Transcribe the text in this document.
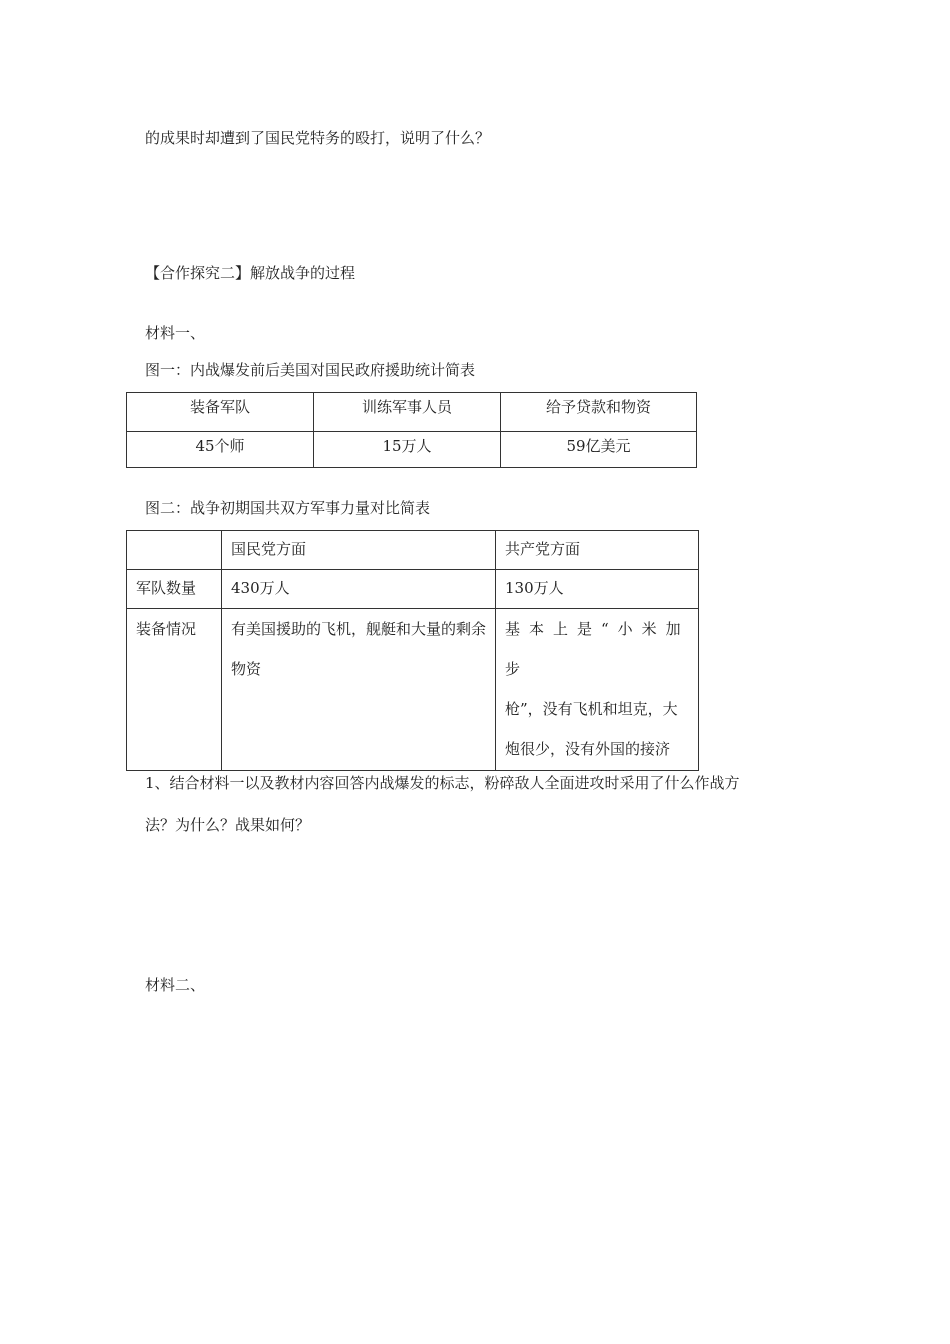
的成果时却遭到了国民党特务的殴打，说明了什么？
【合作探究二】解放战争的过程
材料一、
图一：内战爆发前后美国对国民政府援助统计简表
装备军队	训练军事人员	给予贷款和物资
45个师	15万人	59亿美元
图二：战争初期国共双方军事力量对比简表
	国民党方面	共产党方面
军队数量	430万人	130万人
装备情况	有美国援助的飞机，舰艇和大量的剩余物资	基本上是“小米加步
枪”，没有飞机和坦克，大炮很少，没有外国的接济
1、结合材料一以及教材内容回答内战爆发的标志，粉碎敌人全面进攻时采用了什么作战方
法？为什么？战果如何？
材料二、
